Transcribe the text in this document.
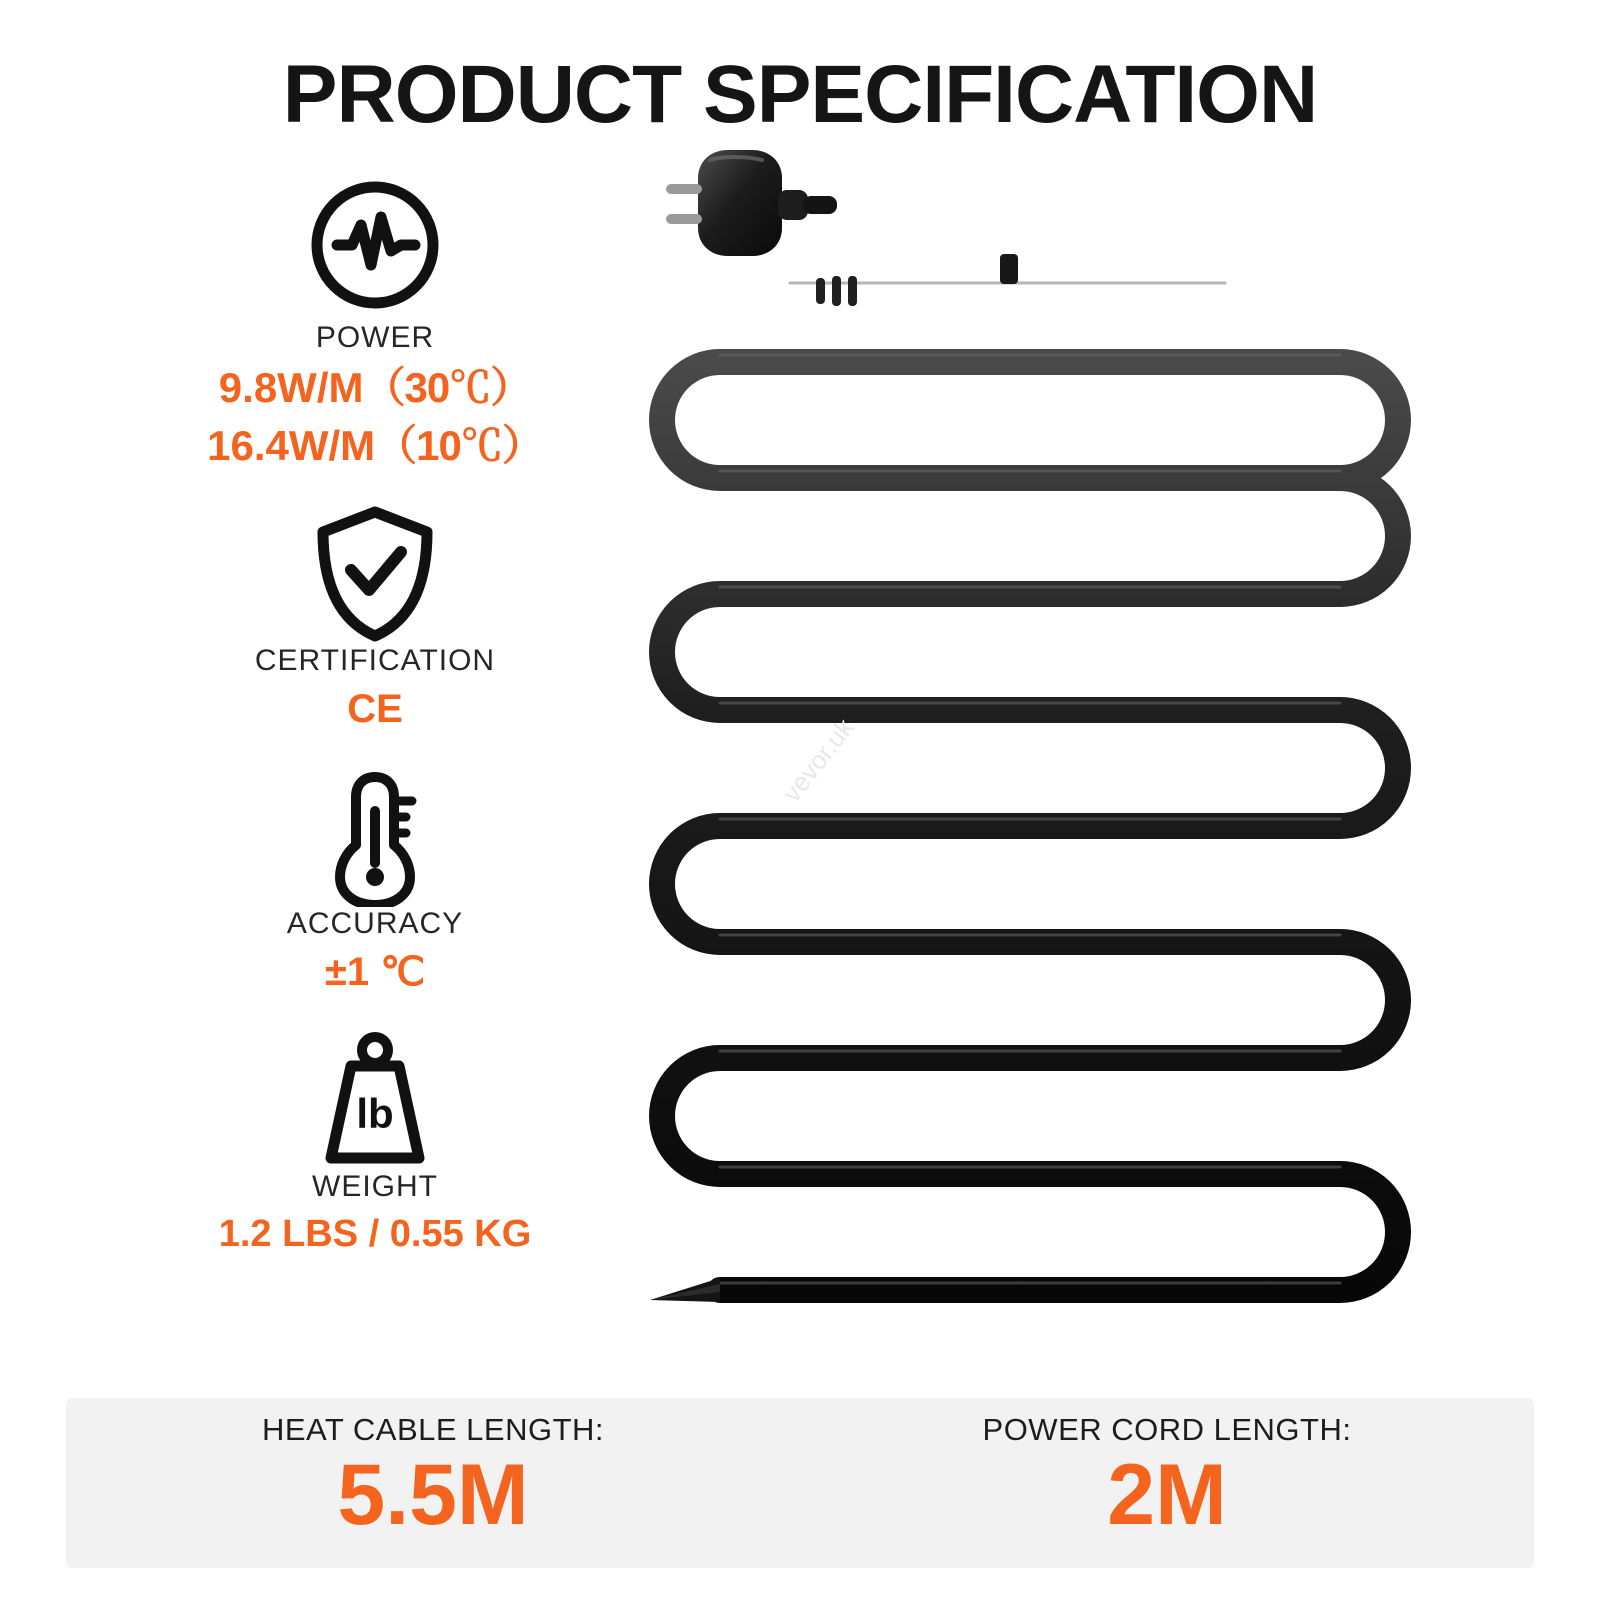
PRODUCT SPECIFICATION
POWER
9.8W/M（30℃）
16.4W/M（10℃）
CERTIFICATION
CE
ACCURACY
±1 ℃
lb
WEIGHT
1.2 LBS / 0.55 KG
vevor.uk
HEAT CABLE LENGTH:
5.5M
POWER CORD LENGTH:
2M
